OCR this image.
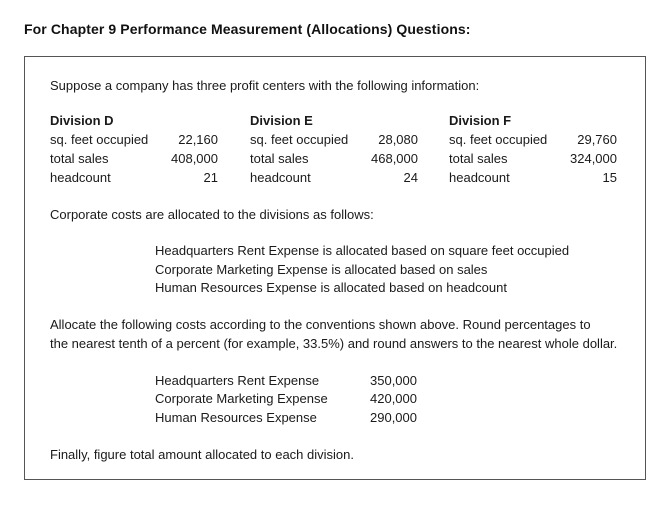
For Chapter 9 Performance Measurement (Allocations) Questions:
Suppose a company has three profit centers with the following information:
Division D
sq. feet occupied	22,160
total sales	408,000
headcount	21
Division E
sq. feet occupied	28,080
total sales	468,000
headcount	24
Division F
sq. feet occupied	29,760
total sales	324,000
headcount	15
Corporate costs are allocated to the divisions as follows:
Headquarters Rent Expense is allocated based on square feet occupied
Corporate Marketing Expense is allocated based on sales
Human Resources Expense is allocated based on headcount
Allocate the following costs according to the conventions shown above. Round percentages to
the nearest tenth of a percent (for example, 33.5%) and round answers to the nearest whole dollar.
Headquarters Rent Expense	350,000
Corporate Marketing Expense	420,000
Human Resources Expense	290,000
Finally, figure total amount allocated to each division.
